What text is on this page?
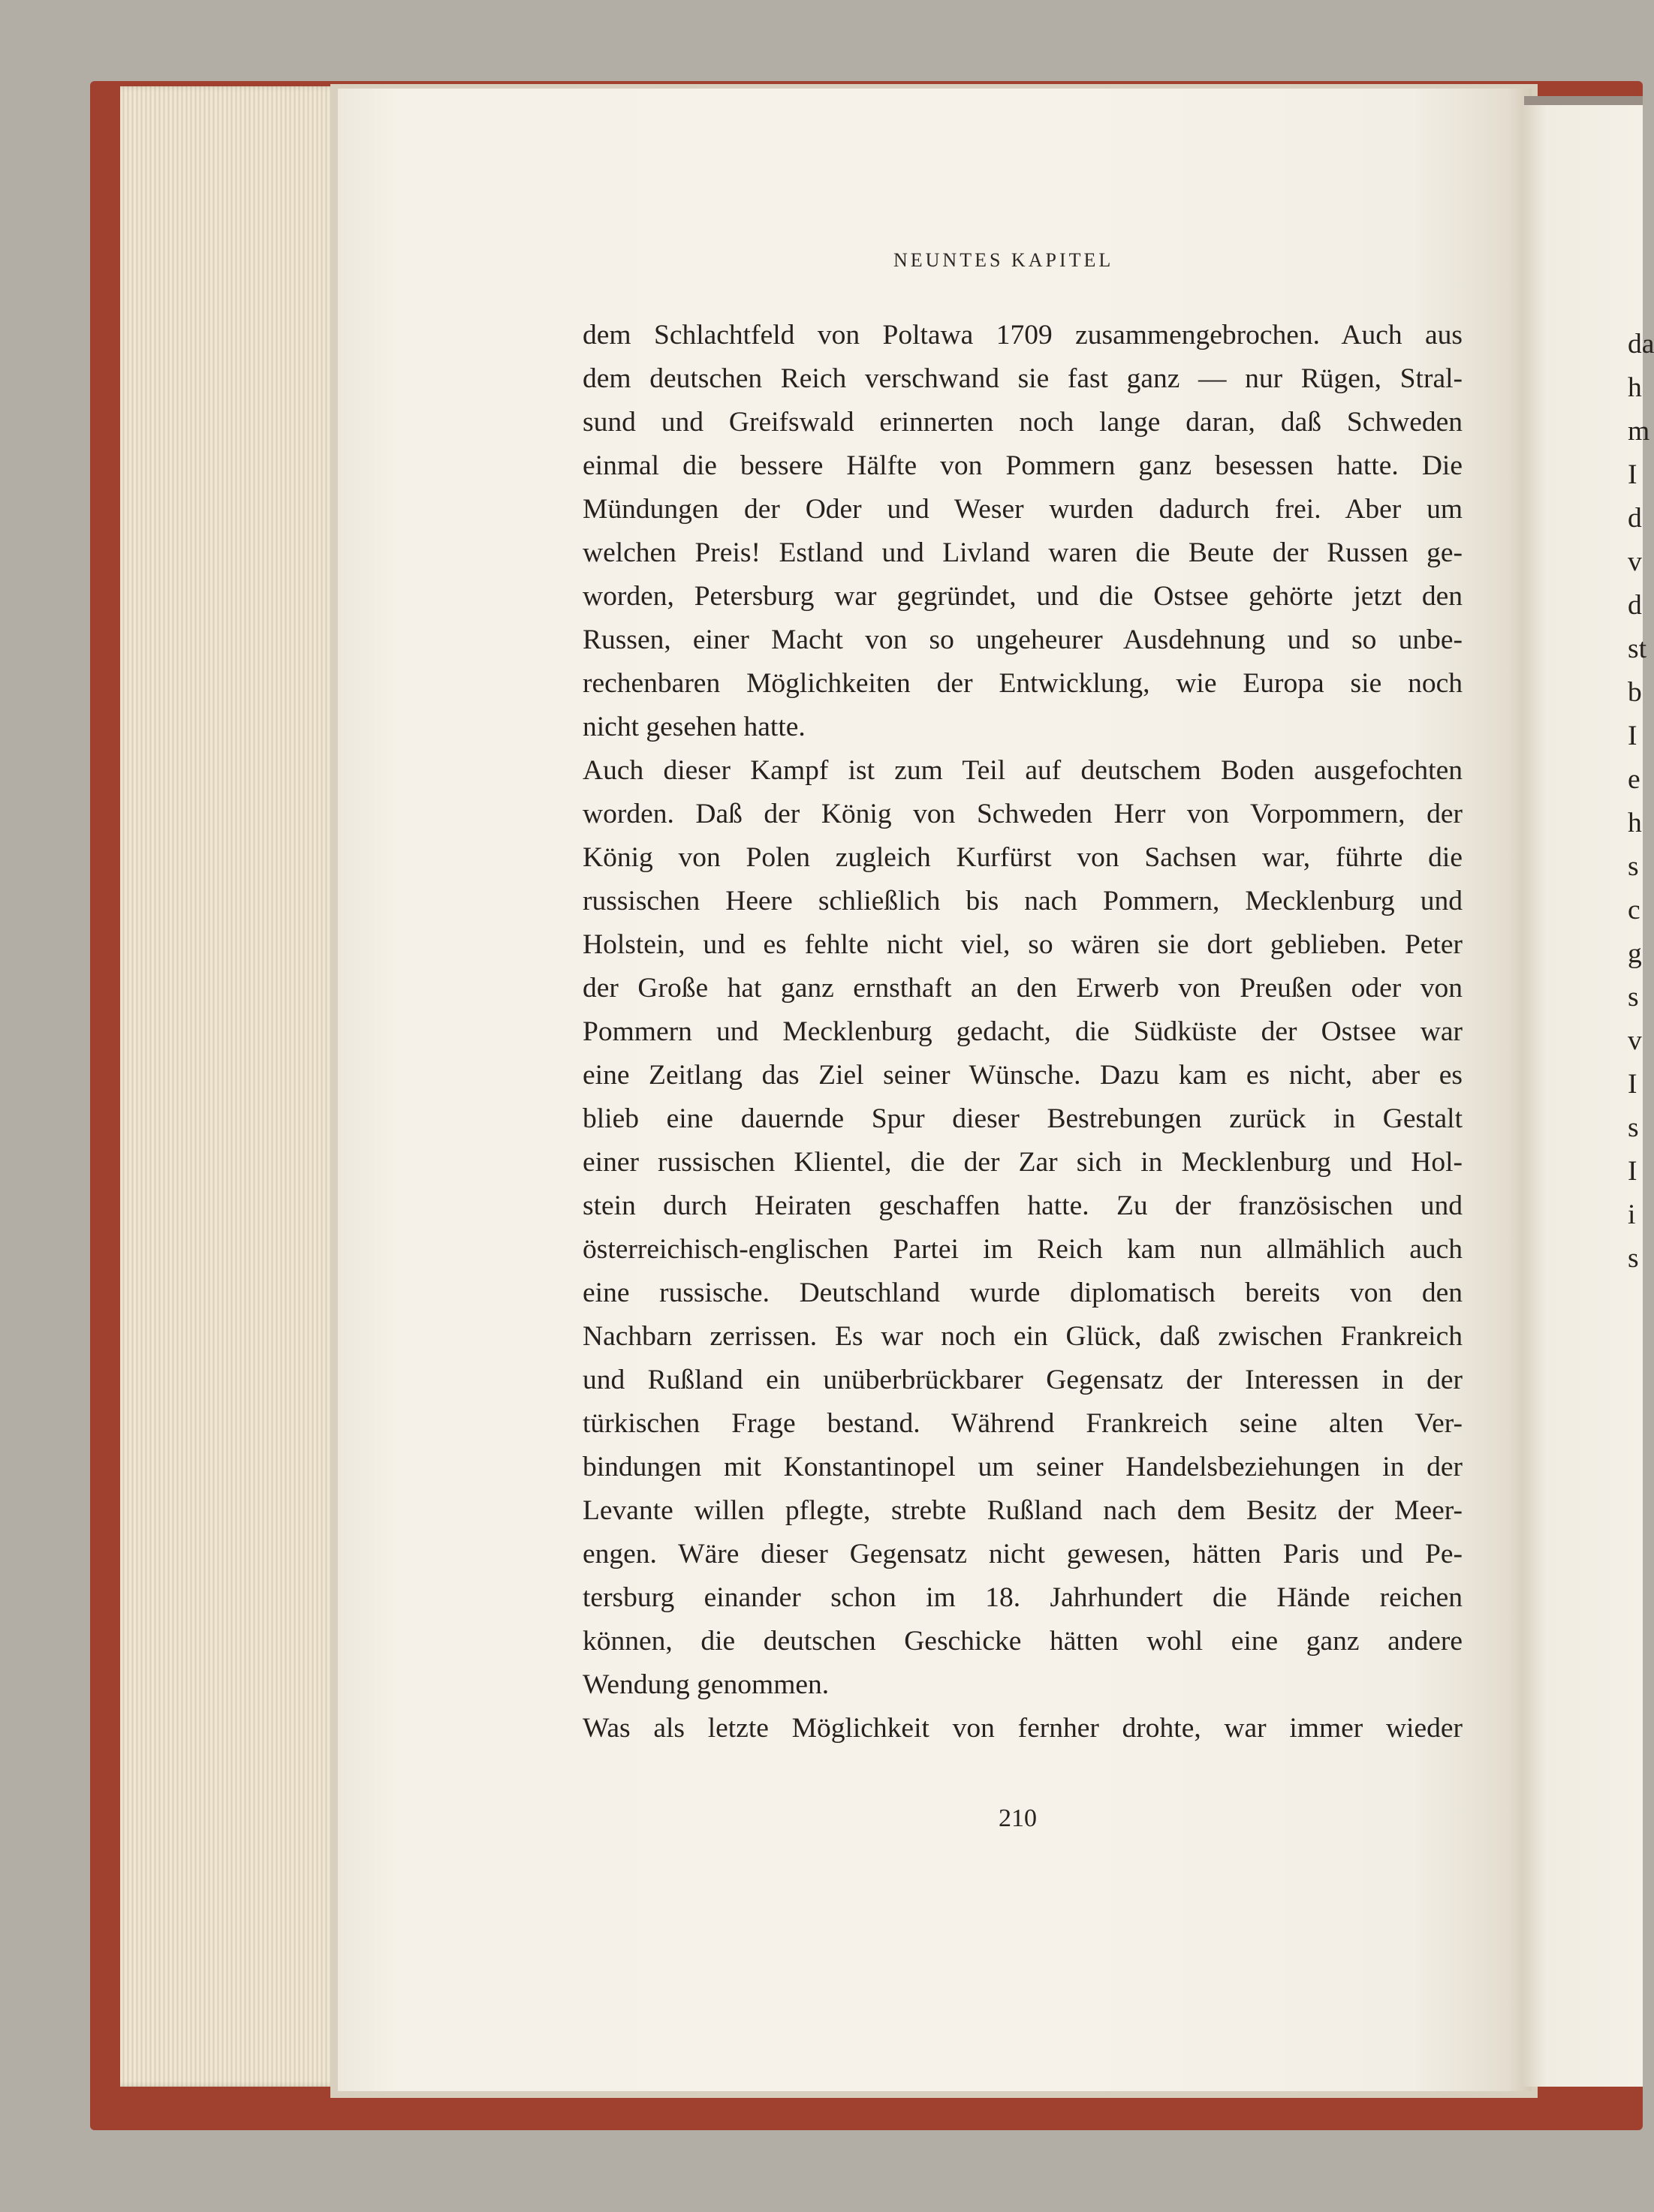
NEUNTES KAPITEL
dem Schlachtfeld von Poltawa 1709 zusammengebrochen. Auch aus
dem deutschen Reich verschwand sie fast ganz — nur Rügen, Stral-
sund und Greifswald erinnerten noch lange daran, daß Schweden
einmal die bessere Hälfte von Pommern ganz besessen hatte. Die
Mündungen der Oder und Weser wurden dadurch frei. Aber um
welchen Preis! Estland und Livland waren die Beute der Russen ge-
worden, Petersburg war gegründet, und die Ostsee gehörte jetzt den
Russen, einer Macht von so ungeheurer Ausdehnung und so unbe-
rechenbaren Möglichkeiten der Entwicklung, wie Europa sie noch
nicht gesehen hatte.
Auch dieser Kampf ist zum Teil auf deutschem Boden ausgefochten
worden. Daß der König von Schweden Herr von Vorpommern, der
König von Polen zugleich Kurfürst von Sachsen war, führte die
russischen Heere schließlich bis nach Pommern, Mecklenburg und
Holstein, und es fehlte nicht viel, so wären sie dort geblieben. Peter
der Große hat ganz ernsthaft an den Erwerb von Preußen oder von
Pommern und Mecklenburg gedacht, die Südküste der Ostsee war
eine Zeitlang das Ziel seiner Wünsche. Dazu kam es nicht, aber es
blieb eine dauernde Spur dieser Bestrebungen zurück in Gestalt
einer russischen Klientel, die der Zar sich in Mecklenburg und Hol-
stein durch Heiraten geschaffen hatte. Zu der französischen und
österreichisch-englischen Partei im Reich kam nun allmählich auch
eine russische. Deutschland wurde diplomatisch bereits von den
Nachbarn zerrissen. Es war noch ein Glück, daß zwischen Frankreich
und Rußland ein unüberbrückbarer Gegensatz der Interessen in der
türkischen Frage bestand. Während Frankreich seine alten Ver-
bindungen mit Konstantinopel um seiner Handelsbeziehungen in der
Levante willen pflegte, strebte Rußland nach dem Besitz der Meer-
engen. Wäre dieser Gegensatz nicht gewesen, hätten Paris und Pe-
tersburg einander schon im 18. Jahrhundert die Hände reichen
können, die deutschen Geschicke hätten wohl eine ganz andere
Wendung genommen.
Was als letzte Möglichkeit von fernher drohte, war immer wieder
210
da
h
m
I
d
v
d
st
b
I
e
h
s
c
g
s
v
I
s
I
i
s
